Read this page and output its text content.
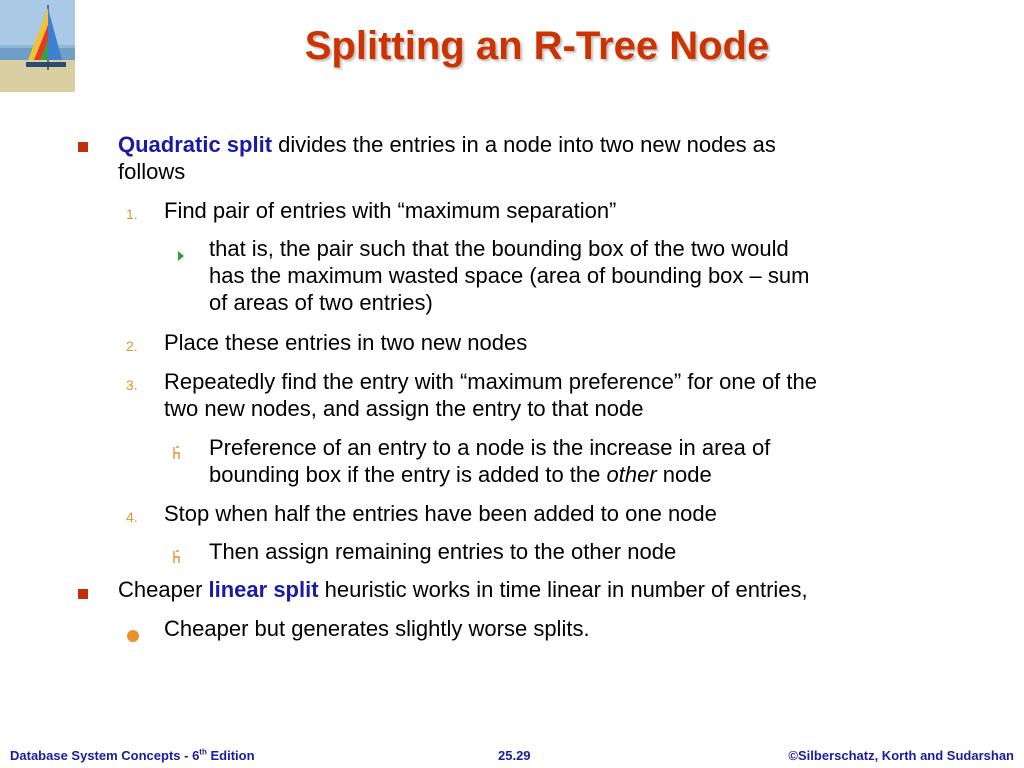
Splitting an R-Tree Node
Quadratic split divides the entries in a node into two new nodes as
follows
1. Find pair of entries with “maximum separation”
that is, the pair such that the bounding box of the two would
has the maximum wasted space (area of bounding box – sum
of areas of two entries)
2. Place these entries in two new nodes
3. Repeatedly find the entry with “maximum preference” for one of the
two new nodes, and assign the entry to that node
Preference of an entry to a node is the increase in area of
bounding box if the entry is added to the other node
4. Stop when half the entries have been added to one node
Then assign remaining entries to the other node
Cheaper linear split heuristic works in time linear in number of entries,
Cheaper but generates slightly worse splits.
Database System Concepts - 6th Edition	25.29	©Silberschatz, Korth and Sudarshan
